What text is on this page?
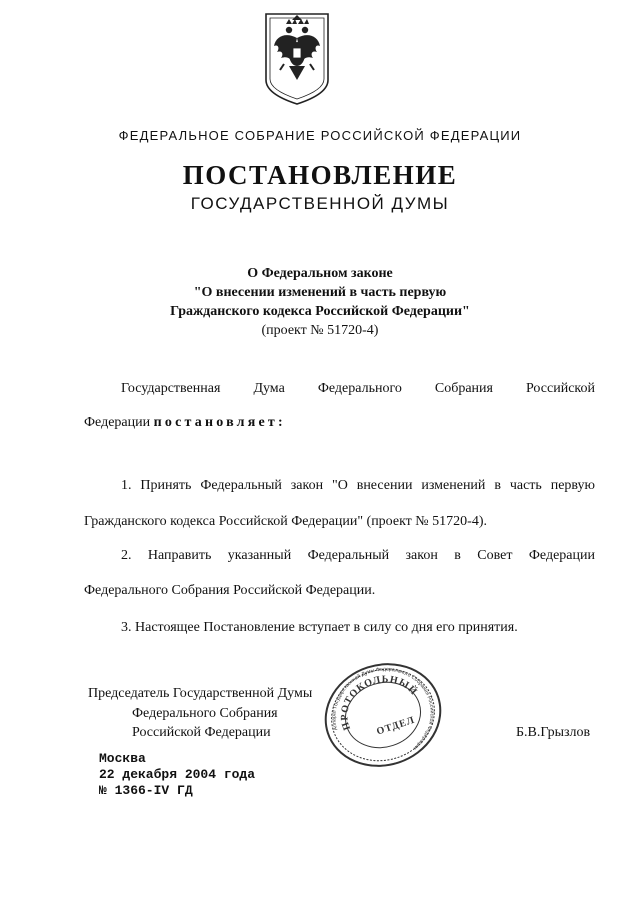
ФЕДЕРАЛЬНОЕ СОБРАНИЕ РОССИЙСКОЙ ФЕДЕРАЦИИ
ПОСТАНОВЛЕНИЕ
ГОСУДАРСТВЕННОЙ ДУМЫ
О Федеральном законе
"О внесении изменений в часть первую
Гражданского кодекса Российской Федерации"
(проект № 51720-4)
Государственная Дума Федерального Собрания Российской
Федерации постановляет:
1. Принять Федеральный закон "О внесении изменений в часть первую
Гражданского кодекса Российской Федерации" (проект № 51720-4).
2. Направить указанный Федеральный закон в Совет Федерации
Федерального Собрания Российской Федерации.
3. Настоящее Постановление вступает в силу со дня его принятия.
Председатель Государственной Думы
Федерального Собрания
Российской Федерации	Б.В.Грызлов
Аппарат Государственной Думы Федерального Собрания Российской Федерации
ПРОТОКОЛЬНЫЙ
ОТДЕЛ
Москва
22 декабря 2004 года
№ 1366-IV ГД
